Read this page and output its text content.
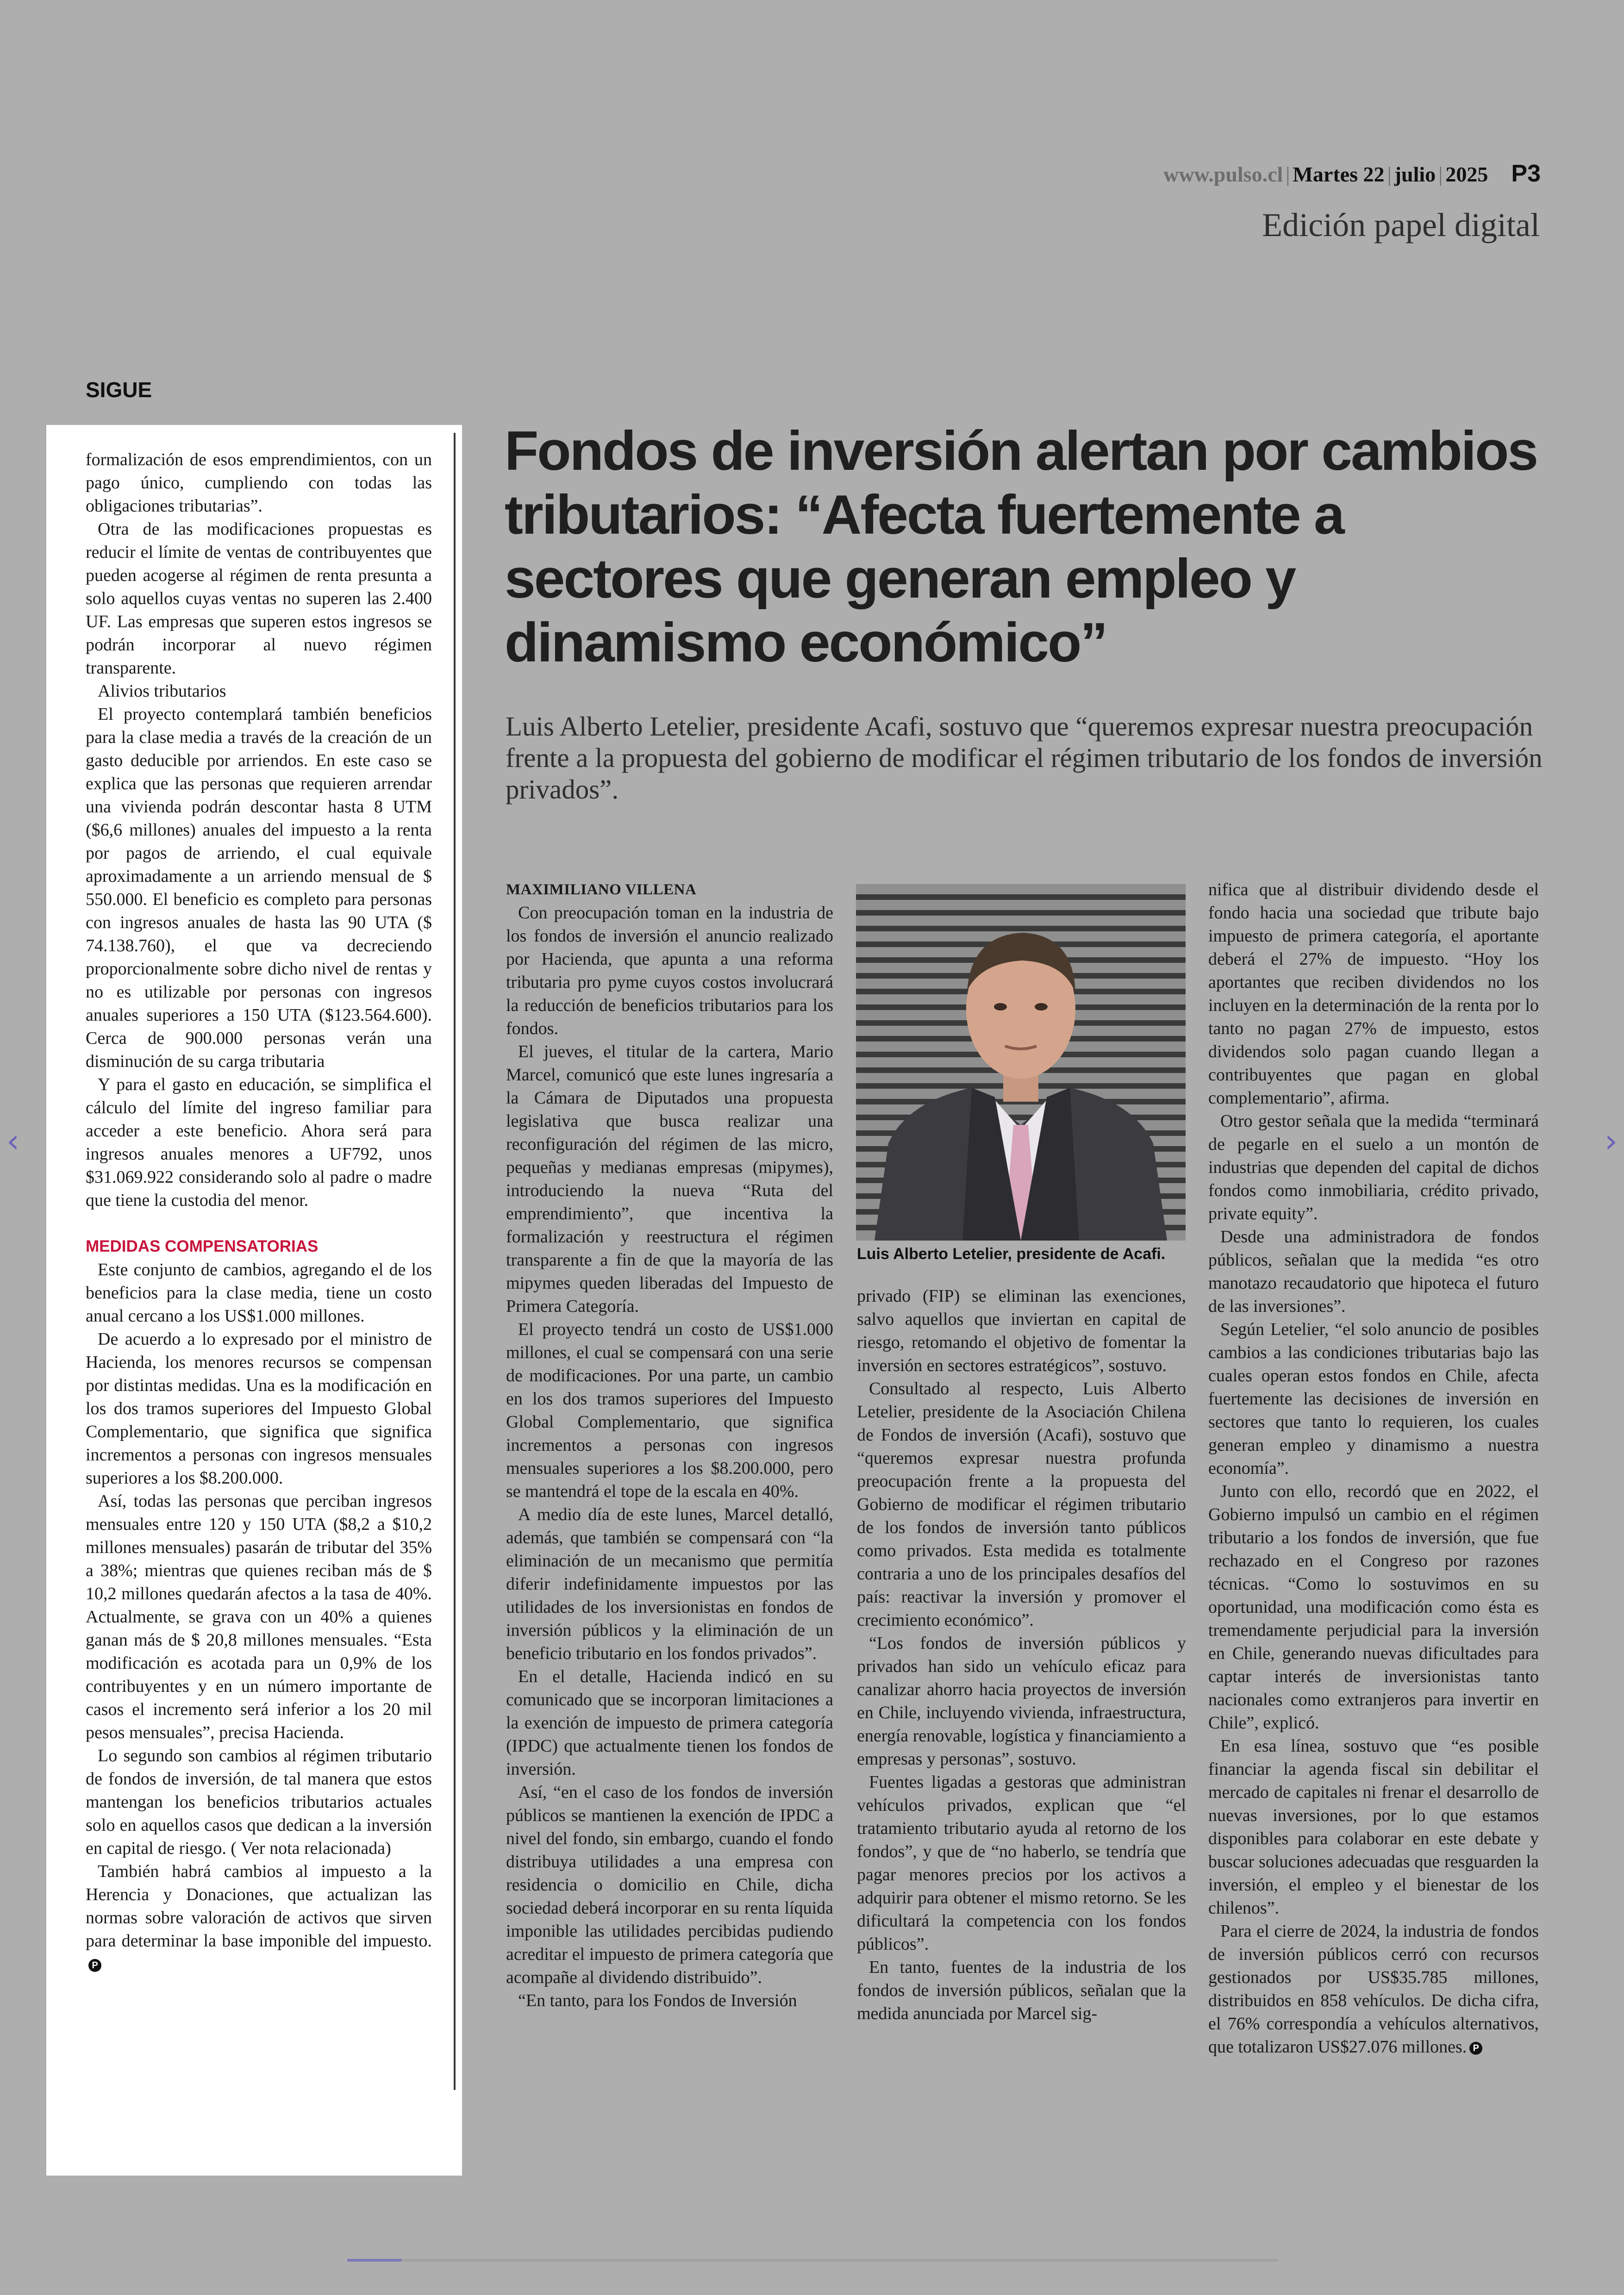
www.pulso.cl | Martes 22 | julio | 2025 P3
Edición papel digital
SIGUE

formalización de esos emprendimientos, con un pago único, cumpliendo con todas las obligaciones tributarias”.

Otra de las modificaciones propuestas es reducir el límite de ventas de contribuyentes que pueden acogerse al régimen de renta presunta a solo aquellos cuyas ventas no superen las 2.400 UF. Las empresas que superen estos ingresos se podrán incorporar al nuevo régimen transparente.

Alivios tributarios

El proyecto contemplará también beneficios para la clase media a través de la creación de un gasto deducible por arriendos. En este caso se explica que las personas que requieren arrendar una vivienda podrán descontar hasta 8 UTM ($6,6 millones) anuales del impuesto a la renta por pagos de arriendo, el cual equivale aproximadamente a un arriendo mensual de $ 550.000. El beneficio es completo para personas con ingresos anuales de hasta las 90 UTA ($ 74.138.760), el que va decreciendo proporcionalmente sobre dicho nivel de rentas y no es utilizable por personas con ingresos anuales superiores a 150 UTA ($123.564.600). Cerca de 900.000 personas verán una disminución de su carga tributaria

Y para el gasto en educación, se simplifica el cálculo del límite del ingreso familiar para acceder a este beneficio. Ahora será para ingresos anuales menores a UF792, unos $31.069.922 considerando solo al padre o madre que tiene la custodia del menor.

MEDIDAS COMPENSATORIAS

Este conjunto de cambios, agregando el de los beneficios para la clase media, tiene un costo anual cercano a los US$1.000 millones.

De acuerdo a lo expresado por el ministro de Hacienda, los menores recursos se compensan por distintas medidas. Una es la modificación en los dos tramos superiores del Impuesto Global Complementario, que significa que significa incrementos a personas con ingresos mensuales superiores a los $8.200.000.

Así, todas las personas que perciban ingresos mensuales entre 120 y 150 UTA ($8,2 a $10,2 millones mensuales) pasarán de tributar del 35% a 38%; mientras que quienes reciban más de $ 10,2 millones quedarán afectos a la tasa de 40%. Actualmente, se grava con un 40% a quienes ganan más de $ 20,8 millones mensuales. “Esta modificación es acotada para un 0,9% de los contribuyentes y en un número importante de casos el incremento será inferior a los 20 mil pesos mensuales”, precisa Hacienda.

Lo segundo son cambios al régimen tributario de fondos de inversión, de tal manera que estos mantengan los beneficios tributarios actuales solo en aquellos casos que dedican a la inversión en capital de riesgo. ( Ver nota relacionada)

También habrá cambios al impuesto a la Herencia y Donaciones, que actualizan las normas sobre valoración de activos que sirven para determinar la base imponible del impuesto.P

Fondos de inversión alertan por cambios tributarios: “Afecta fuertemente a sectores que generan empleo y dinamismo económico”

Luis Alberto Letelier, presidente Acafi, sostuvo que “queremos expresar nuestra preocupación frente a la propuesta del gobierno de modificar el régimen tributario de los fondos de inversión privados”.

MAXIMILIANO VILLENA

Con preocupación toman en la industria de los fondos de inversión el anuncio realizado por Hacienda, que apunta a una reforma tributaria pro pyme cuyos costos involucrará la reducción de beneficios tributarios para los fondos.

El jueves, el titular de la cartera, Mario Marcel, comunicó que este lunes ingresaría a la Cámara de Diputados una propuesta legislativa que busca realizar una reconfiguración del régimen de las micro, pequeñas y medianas empresas (mipymes), introduciendo la nueva “Ruta del emprendimiento”, que incentiva la formalización y reestructura el régimen transparente a fin de que la mayoría de las mipymes queden liberadas del Impuesto de Primera Categoría.

El proyecto tendrá un costo de US$1.000 millones, el cual se compensará con una serie de modificaciones. Por una parte, un cambio en los dos tramos superiores del Impuesto Global Complementario, que significa incrementos a personas con ingresos mensuales superiores a los $8.200.000, pero se mantendrá el tope de la escala en 40%.

A medio día de este lunes, Marcel detalló, además, que también se compensará con “la eliminación de un mecanismo que permitía diferir indefinidamente impuestos por las utilidades de los inversionistas en fondos de inversión públicos y la eliminación de un beneficio tributario en los fondos privados”.

En el detalle, Hacienda indicó en su comunicado que se incorporan limitaciones a la exención de impuesto de primera categoría (IPDC) que actualmente tienen los fondos de inversión.

Así, “en el caso de los fondos de inversión públicos se mantienen la exención de IPDC a nivel del fondo, sin embargo, cuando el fondo distribuya utilidades a una empresa con residencia o domicilio en Chile, dicha sociedad deberá incorporar en su renta líquida imponible las utilidades percibidas pudiendo acreditar el impuesto de primera categoría que acompañe al dividendo distribuido”.

“En tanto, para los Fondos de Inversión

Luis Alberto Letelier, presidente de Acafi.

privado (FIP) se eliminan las exenciones, salvo aquellos que inviertan en capital de riesgo, retomando el objetivo de fomentar la inversión en sectores estratégicos”, sostuvo.

Consultado al respecto, Luis Alberto Letelier, presidente de la Asociación Chilena de Fondos de inversión (Acafi), sostuvo que “queremos expresar nuestra profunda preocupación frente a la propuesta del Gobierno de modificar el régimen tributario de los fondos de inversión tanto públicos como privados. Esta medida es totalmente contraria a uno de los principales desafíos del país: reactivar la inversión y promover el crecimiento económico”.

“Los fondos de inversión públicos y privados han sido un vehículo eficaz para canalizar ahorro hacia proyectos de inversión en Chile, incluyendo vivienda, infraestructura, energía renovable, logística y financiamiento a empresas y personas”, sostuvo.

Fuentes ligadas a gestoras que administran vehículos privados, explican que “el tratamiento tributario ayuda al retorno de los fondos”, y que de “no haberlo, se tendría que pagar menores precios por los activos a adquirir para obtener el mismo retorno. Se les dificultará la competencia con los fondos públicos”.

En tanto, fuentes de la industria de los fondos de inversión públicos, señalan que la medida anunciada por Marcel sig-

nifica que al distribuir dividendo desde el fondo hacia una sociedad que tribute bajo impuesto de primera categoría, el aportante deberá el 27% de impuesto. “Hoy los aportantes que reciben dividendos no los incluyen en la determinación de la renta por lo tanto no pagan 27% de impuesto, estos dividendos solo pagan cuando llegan a contribuyentes que pagan en global complementario”, afirma.

Otro gestor señala que la medida “terminará de pegarle en el suelo a un montón de industrias que dependen del capital de dichos fondos como inmobiliaria, crédito privado, private equity”.

Desde una administradora de fondos públicos, señalan que la medida “es otro manotazo recaudatorio que hipoteca el futuro de las inversiones”.

Según Letelier, “el solo anuncio de posibles cambios a las condiciones tributarias bajo las cuales operan estos fondos en Chile, afecta fuertemente las decisiones de inversión en sectores que tanto lo requieren, los cuales generan empleo y dinamismo a nuestra economía”.

Junto con ello, recordó que en 2022, el Gobierno impulsó un cambio en el régimen tributario a los fondos de inversión, que fue rechazado en el Congreso por razones técnicas. “Como lo sostuvimos en su oportunidad, una modificación como ésta es tremendamente perjudicial para la inversión en Chile, generando nuevas dificultades para captar interés de inversionistas tanto nacionales como extranjeros para invertir en Chile”, explicó.

En esa línea, sostuvo que “es posible financiar la agenda fiscal sin debilitar el mercado de capitales ni frenar el desarrollo de nuevas inversiones, por lo que estamos disponibles para colaborar en este debate y buscar soluciones adecuadas que resguarden la inversión, el empleo y el bienestar de los chilenos”.

Para el cierre de 2024, la industria de fondos de inversión públicos cerró con recursos gestionados por US$35.785 millones, distribuidos en 858 vehículos. De dicha cifra, el 76% correspondía a vehículos alternativos, que totalizaron US$27.076 millones. P

‹	›
